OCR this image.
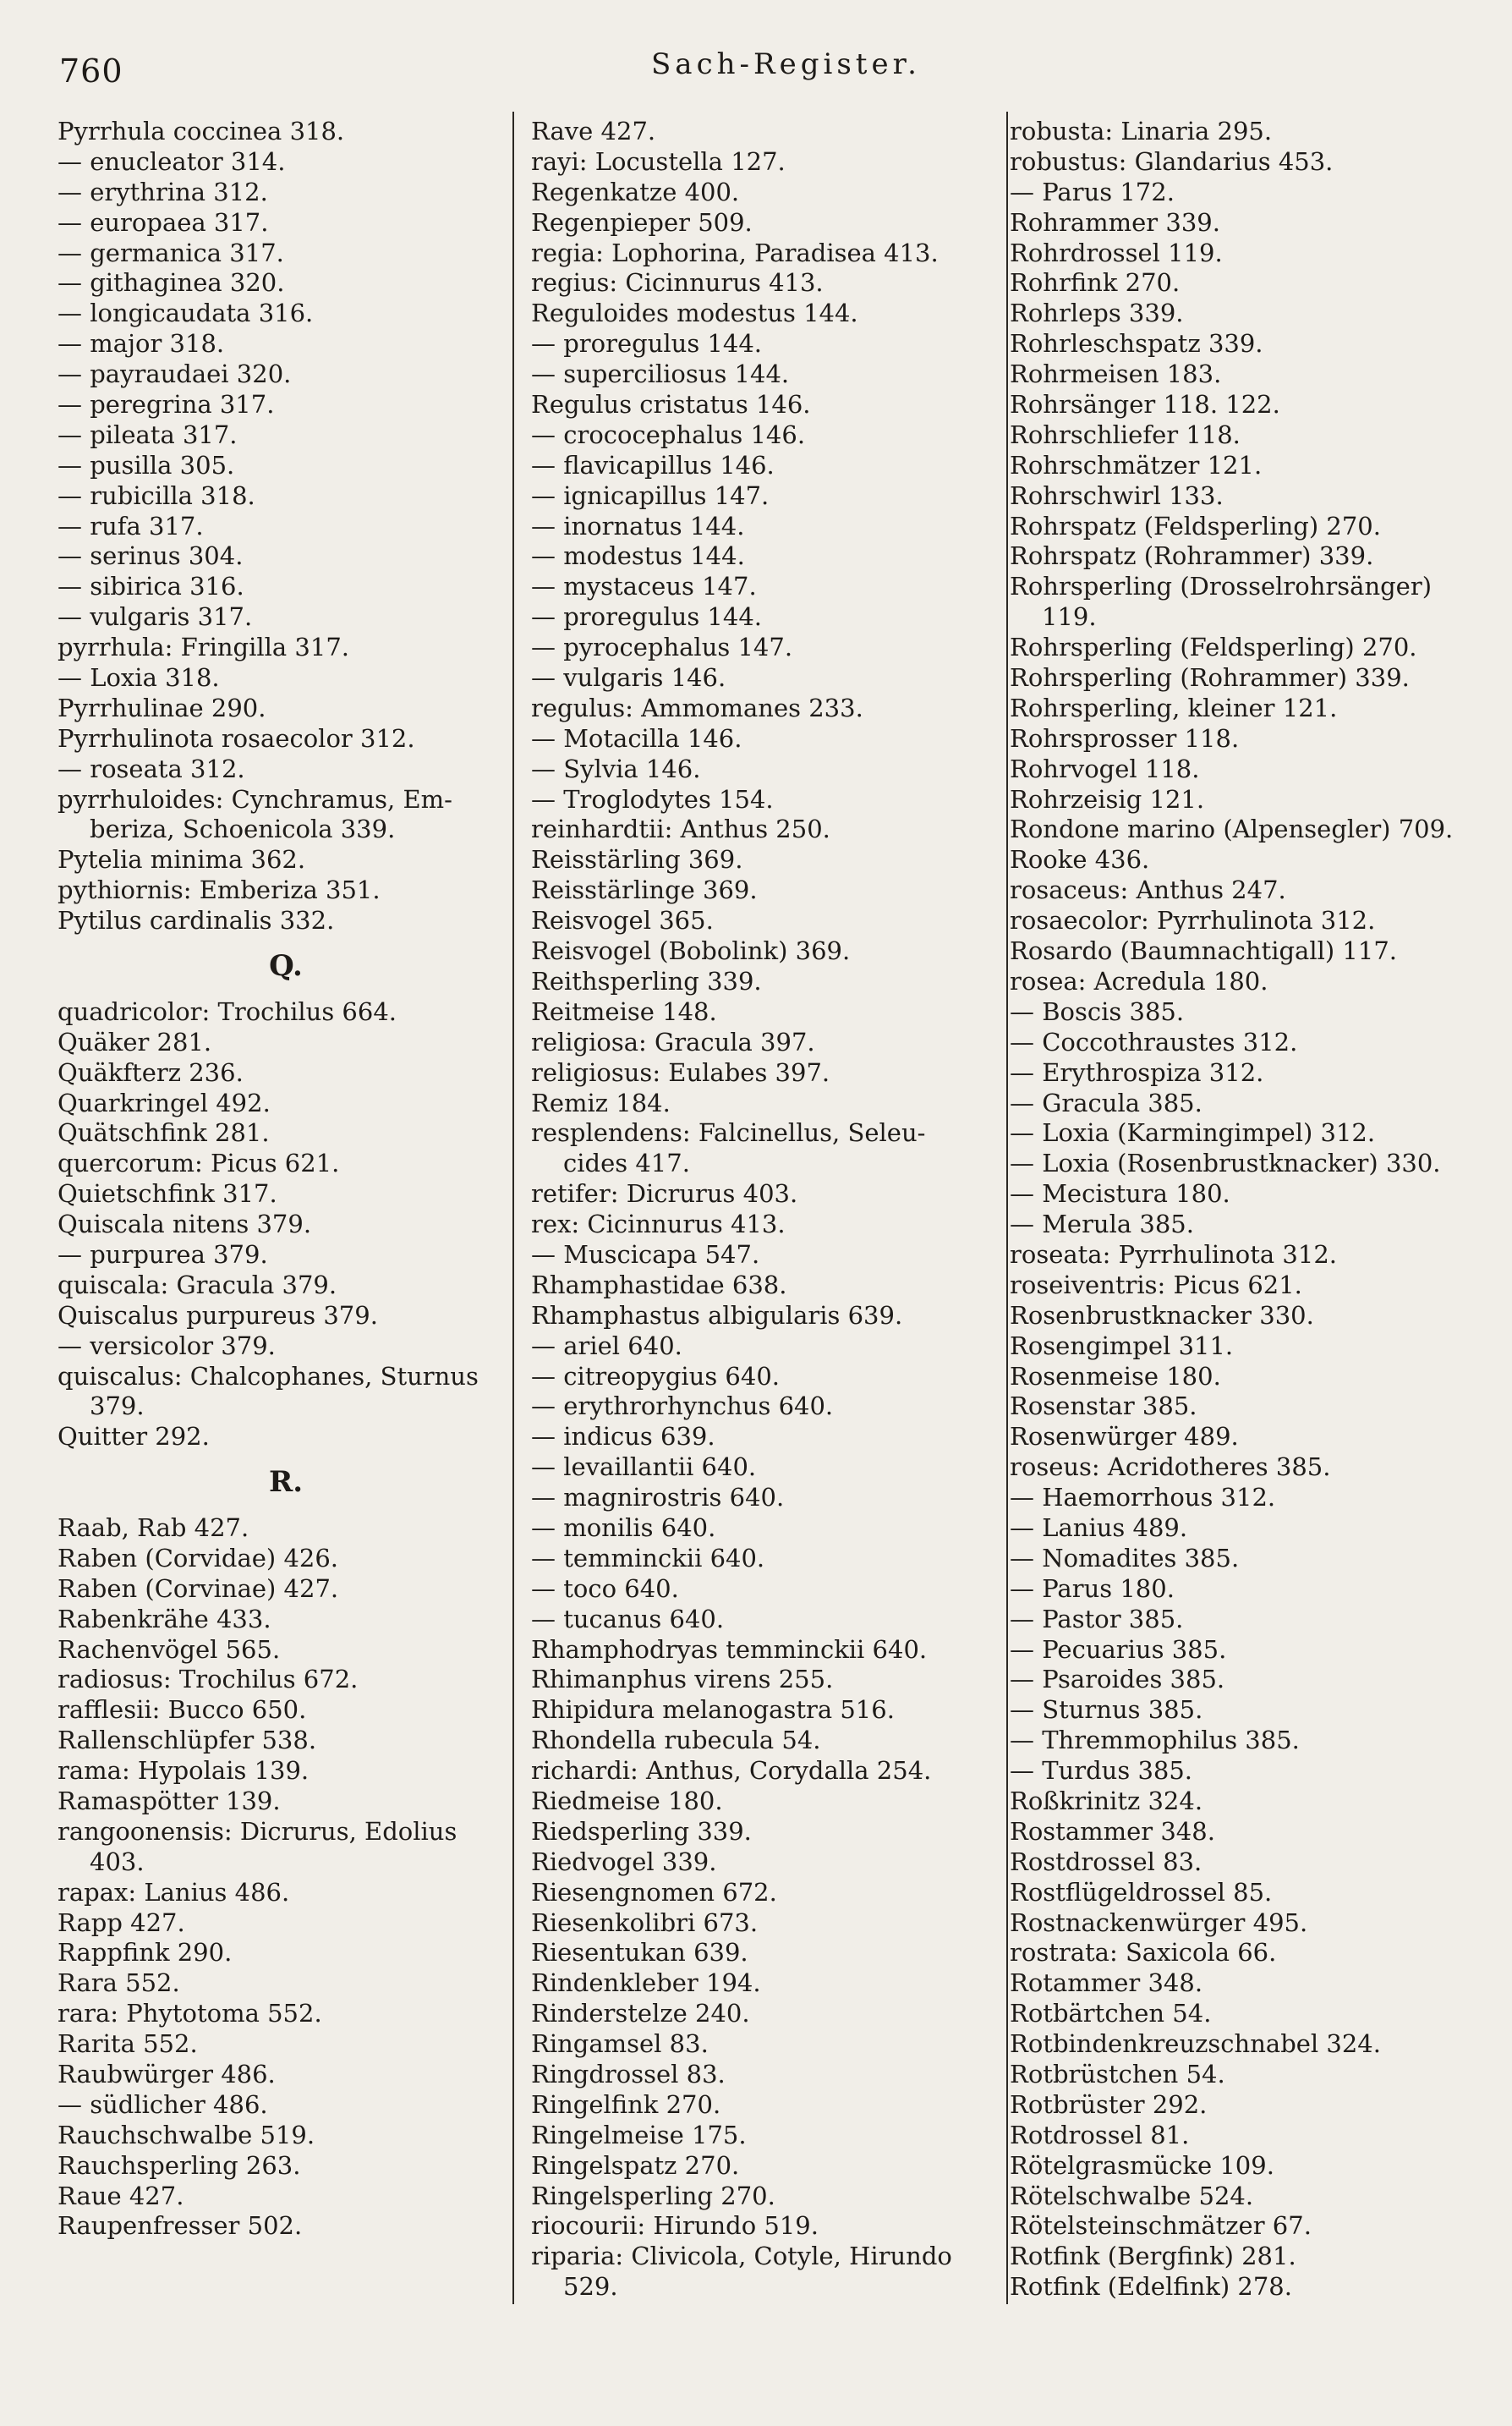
760	Sach-Register.
Pyrrhula coccinea 318.
— enucleator 314.
— erythrina 312.
— europaea 317.
— germanica 317.
— githaginea 320.
— longicaudata 316.
— major 318.
— payraudaei 320.
— peregrina 317.
— pileata 317.
— pusilla 305.
— rubicilla 318.
— rufa 317.
— serinus 304.
— sibirica 316.
— vulgaris 317.
pyrrhula: Fringilla 317.
— Loxia 318.
Pyrrhulinae 290.
Pyrrhulinota rosaecolor 312.
— roseata 312.
pyrrhuloides: Cynchramus, Em-
beriza, Schoenicola 339.
Pytelia minima 362.
pythiornis: Emberiza 351.
Pytilus cardinalis 332.
Q.
quadricolor: Trochilus 664.
Quäker 281.
Quäkfterz 236.
Quarkringel 492.
Quätschfink 281.
quercorum: Picus 621.
Quietschfink 317.
Quiscala nitens 379.
— purpurea 379.
quiscala: Gracula 379.
Quiscalus purpureus 379.
— versicolor 379.
quiscalus: Chalcophanes, Sturnus
379.
Quitter 292.
R.
Raab, Rab 427.
Raben (Corvidae) 426.
Raben (Corvinae) 427.
Rabenkrähe 433.
Rachenvögel 565.
radiosus: Trochilus 672.
rafflesii: Bucco 650.
Rallenschlüpfer 538.
rama: Hypolais 139.
Ramaspötter 139.
rangoonensis: Dicrurus, Edolius
403.
rapax: Lanius 486.
Rapp 427.
Rappfink 290.
Rara 552.
rara: Phytotoma 552.
Rarita 552.
Raubwürger 486.
— südlicher 486.
Rauchschwalbe 519.
Rauchsperling 263.
Raue 427.
Raupenfresser 502.
Rave 427.
rayi: Locustella 127.
Regenkatze 400.
Regenpieper 509.
regia: Lophorina, Paradisea 413.
regius: Cicinnurus 413.
Reguloides modestus 144.
— proregulus 144.
— superciliosus 144.
Regulus cristatus 146.
— crococephalus 146.
— flavicapillus 146.
— ignicapillus 147.
— inornatus 144.
— modestus 144.
— mystaceus 147.
— proregulus 144.
— pyrocephalus 147.
— vulgaris 146.
regulus: Ammomanes 233.
— Motacilla 146.
— Sylvia 146.
— Troglodytes 154.
reinhardtii: Anthus 250.
Reisstärling 369.
Reisstärlinge 369.
Reisvogel 365.
Reisvogel (Bobolink) 369.
Reithsperling 339.
Reitmeise 148.
religiosa: Gracula 397.
religiosus: Eulabes 397.
Remiz 184.
resplendens: Falcinellus, Seleu-
cides 417.
retifer: Dicrurus 403.
rex: Cicinnurus 413.
— Muscicapa 547.
Rhamphastidae 638.
Rhamphastus albigularis 639.
— ariel 640.
— citreopygius 640.
— erythrorhynchus 640.
— indicus 639.
— levaillantii 640.
— magnirostris 640.
— monilis 640.
— temminckii 640.
— toco 640.
— tucanus 640.
Rhamphodryas temminckii 640.
Rhimanphus virens 255.
Rhipidura melanogastra 516.
Rhondella rubecula 54.
richardi: Anthus, Corydalla 254.
Riedmeise 180.
Riedsperling 339.
Riedvogel 339.
Riesengnomen 672.
Riesenkolibri 673.
Riesentukan 639.
Rindenkleber 194.
Rinderstelze 240.
Ringamsel 83.
Ringdrossel 83.
Ringelfink 270.
Ringelmeise 175.
Ringelspatz 270.
Ringelsperling 270.
riocourii: Hirundo 519.
riparia: Clivicola, Cotyle, Hirundo
529.
robusta: Linaria 295.
robustus: Glandarius 453.
— Parus 172.
Rohrammer 339.
Rohrdrossel 119.
Rohrfink 270.
Rohrleps 339.
Rohrleschspatz 339.
Rohrmeisen 183.
Rohrsänger 118. 122.
Rohrschliefer 118.
Rohrschmätzer 121.
Rohrschwirl 133.
Rohrspatz (Feldsperling) 270.
Rohrspatz (Rohrammer) 339.
Rohrsperling (Drosselrohrsänger)
119.
Rohrsperling (Feldsperling) 270.
Rohrsperling (Rohrammer) 339.
Rohrsperling, kleiner 121.
Rohrsprosser 118.
Rohrvogel 118.
Rohrzeisig 121.
Rondone marino (Alpensegler) 709.
Rooke 436.
rosaceus: Anthus 247.
rosaecolor: Pyrrhulinota 312.
Rosardo (Baumnachtigall) 117.
rosea: Acredula 180.
— Boscis 385.
— Coccothraustes 312.
— Erythrospiza 312.
— Gracula 385.
— Loxia (Karmingimpel) 312.
— Loxia (Rosenbrustknacker) 330.
— Mecistura 180.
— Merula 385.
roseata: Pyrrhulinota 312.
roseiventris: Picus 621.
Rosenbrustknacker 330.
Rosengimpel 311.
Rosenmeise 180.
Rosenstar 385.
Rosenwürger 489.
roseus: Acridotheres 385.
— Haemorrhous 312.
— Lanius 489.
— Nomadites 385.
— Parus 180.
— Pastor 385.
— Pecuarius 385.
— Psaroides 385.
— Sturnus 385.
— Thremmophilus 385.
— Turdus 385.
Roßkrinitz 324.
Rostammer 348.
Rostdrossel 83.
Rostflügeldrossel 85.
Rostnackenwürger 495.
rostrata: Saxicola 66.
Rotammer 348.
Rotbärtchen 54.
Rotbindenkreuzschnabel 324.
Rotbrüstchen 54.
Rotbrüster 292.
Rotdrossel 81.
Rötelgrasmücke 109.
Rötelschwalbe 524.
Rötelsteinschmätzer 67.
Rotfink (Bergfink) 281.
Rotfink (Edelfink) 278.
